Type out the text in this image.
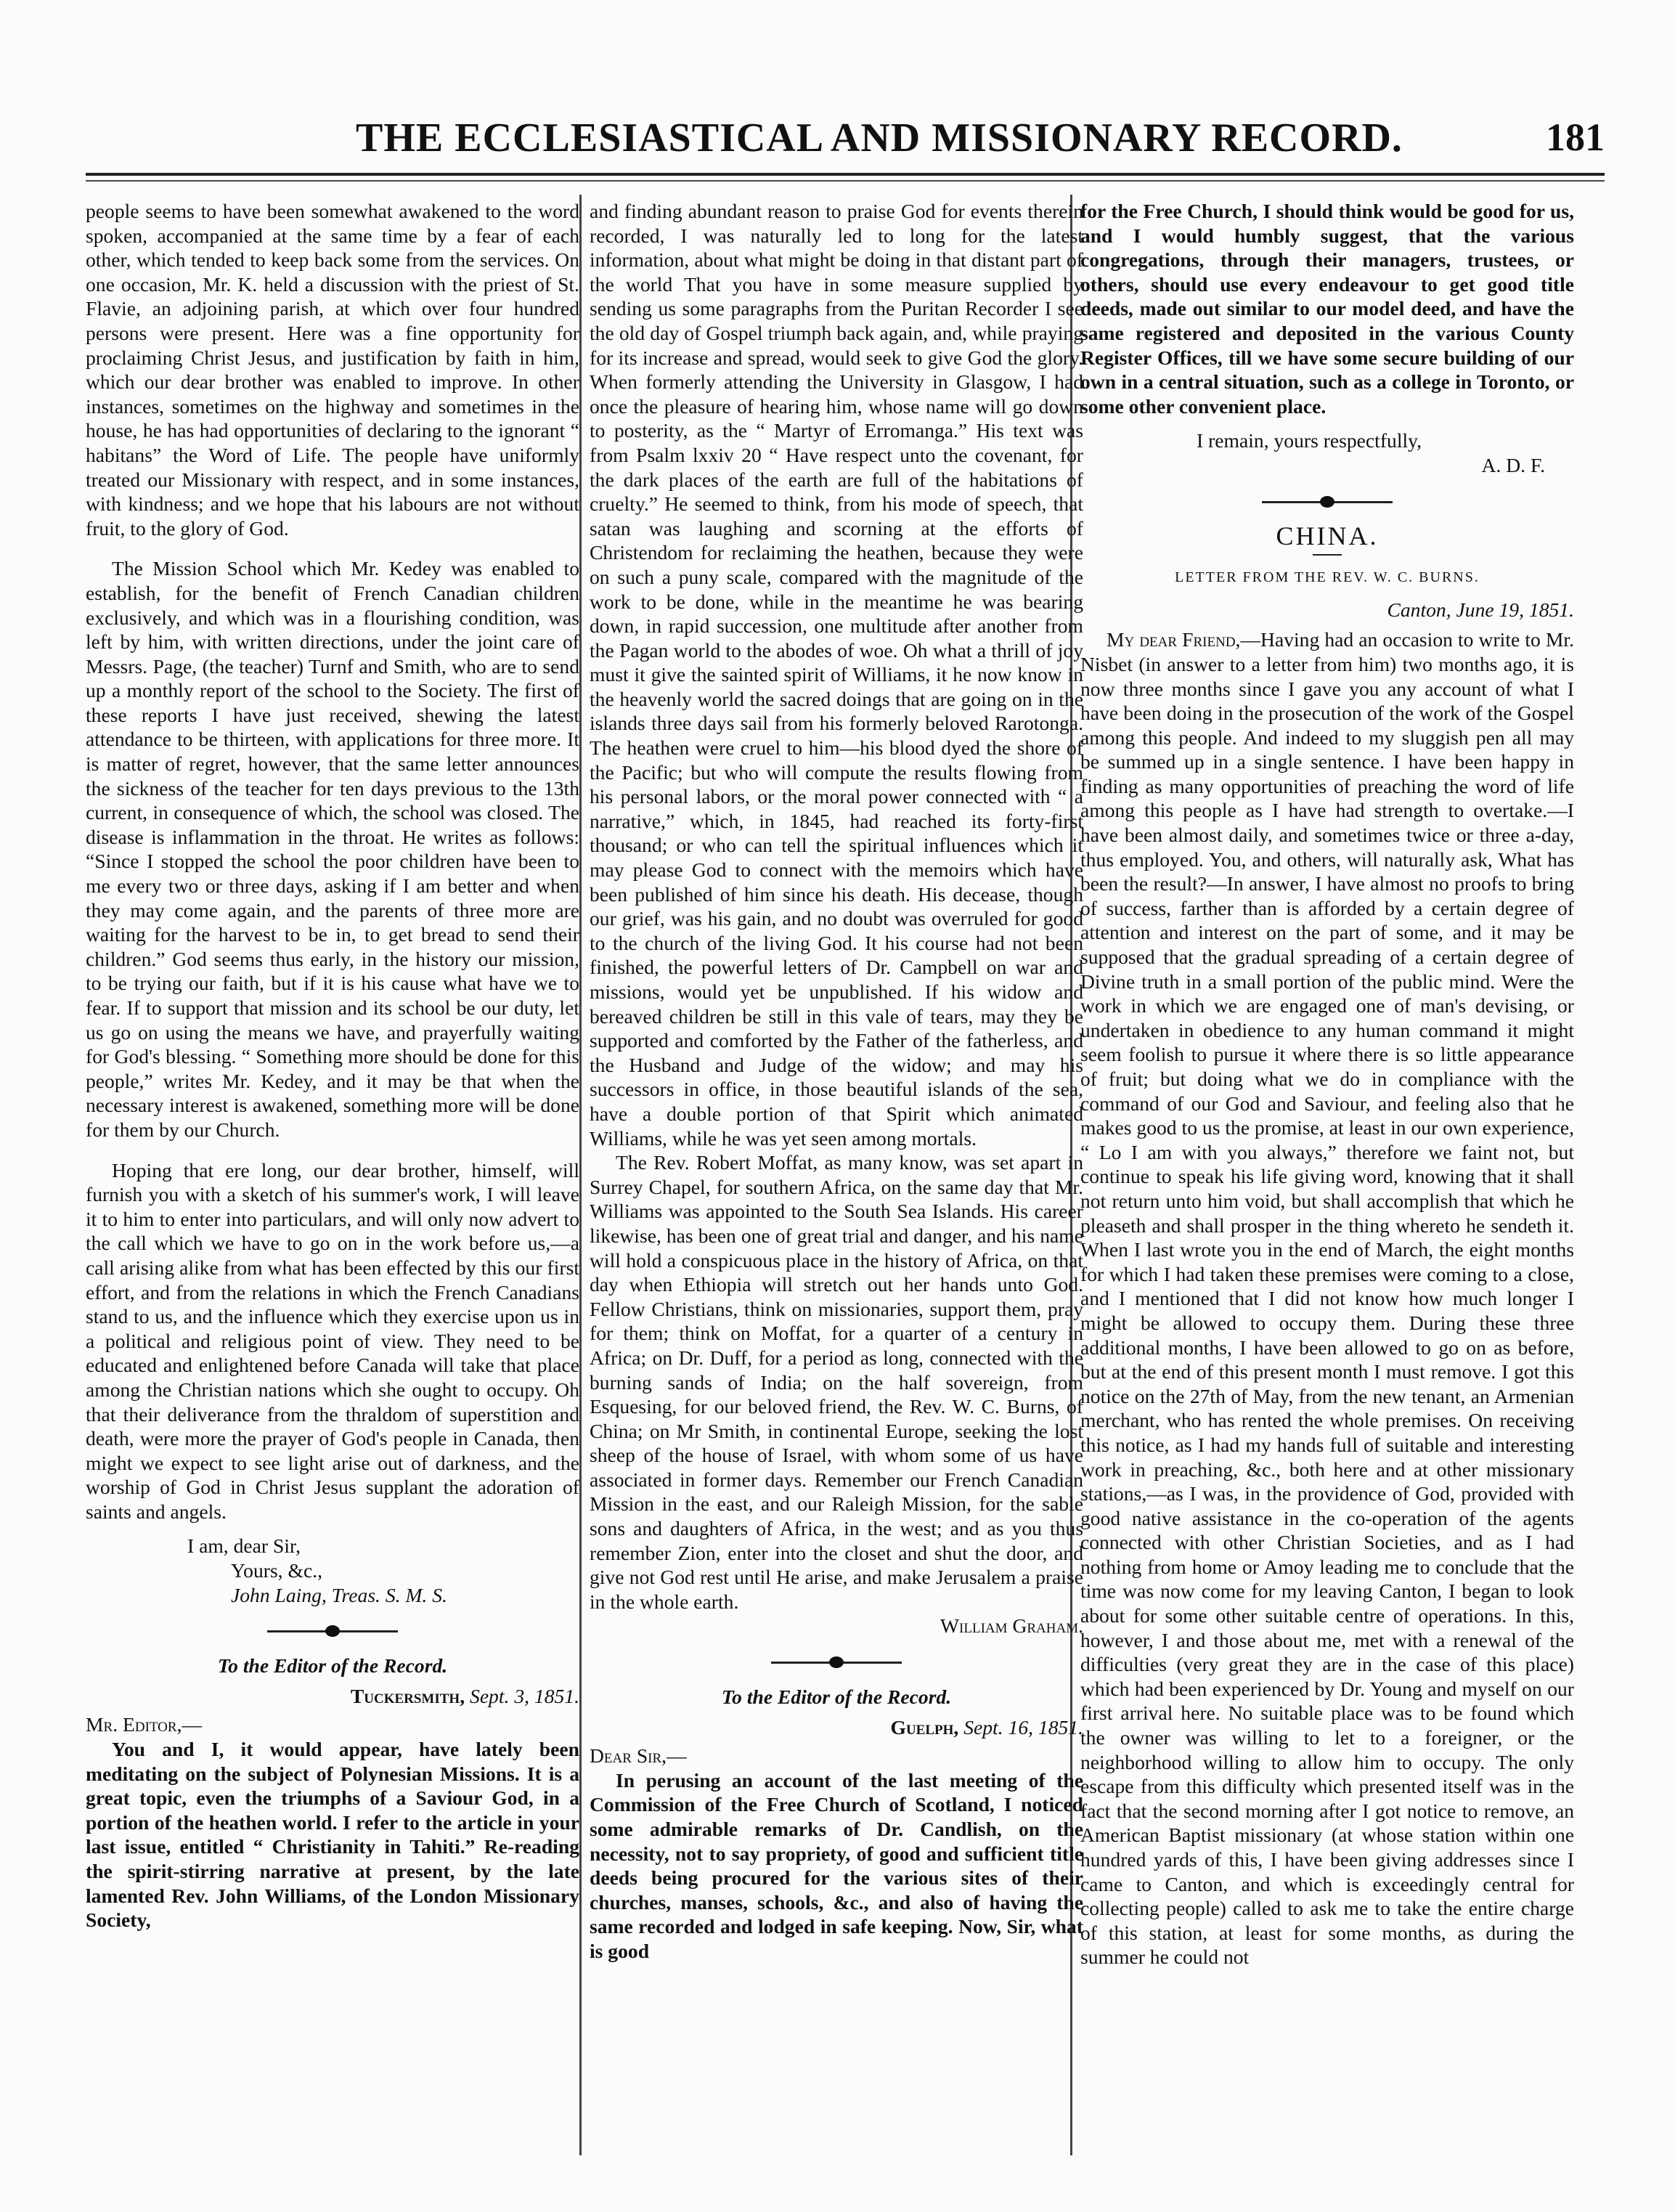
THE ECCLESIASTICAL AND MISSIONARY RECORD.	181

people seems to have been somewhat awakened to the word spoken, accompanied at the same time by a fear of each other, which tended to keep back some from the services. On one occasion, Mr. K. held a discussion with the priest of St. Flavie, an adjoining parish, at which over four hundred persons were present. Here was a fine opportunity for proclaiming Christ Jesus, and justification by faith in him, which our dear brother was enabled to improve. In other instances, sometimes on the highway and sometimes in the house, he has had opportunities of declaring to the ignorant “ habitans” the Word of Life. The people have uniformly treated our Missionary with respect, and in some instances, with kindness; and we hope that his labours are not without fruit, to the glory of God.

The Mission School which Mr. Kedey was enabled to establish, for the benefit of French Canadian children exclusively, and which was in a flourishing condition, was left by him, with written directions, under the joint care of Messrs. Page, (the teacher) Turnf and Smith, who are to send up a monthly report of the school to the Society. The first of these reports I have just received, shewing the latest attendance to be thirteen, with applications for three more. It is matter of regret, however, that the same letter announces the sickness of the teacher for ten days previous to the 13th current, in consequence of which, the school was closed. The disease is inflammation in the throat. He writes as follows: “Since I stopped the school the poor children have been to me every two or three days, asking if I am better and when they may come again, and the parents of three more are waiting for the harvest to be in, to get bread to send their children.” God seems thus early, in the history our mission, to be trying our faith, but if it is his cause what have we to fear. If to support that mission and its school be our duty, let us go on using the means we have, and prayerfully waiting for God's blessing. “ Something more should be done for this people,” writes Mr. Kedey, and it may be that when the necessary interest is awakened, something more will be done for them by our Church.

Hoping that ere long, our dear brother, himself, will furnish you with a sketch of his summer's work, I will leave it to him to enter into particulars, and will only now advert to the call which we have to go on in the work before us,—a call arising alike from what has been effected by this our first effort, and from the relations in which the French Canadians stand to us, and the influence which they exercise upon us in a political and religious point of view. They need to be educated and enlightened before Canada will take that place among the Christian nations which she ought to occupy. Oh that their deliverance from the thraldom of superstition and death, were more the prayer of God's people in Canada, then might we expect to see light arise out of darkness, and the worship of God in Christ Jesus supplant the adoration of saints and angels.

I am, dear Sir,
Yours, &c.,
John Laing, Treas. S. M. S.
To the Editor of the Record.
Tuckersmith, Sept. 3, 1851.

Mr. Editor,—

You and I, it would appear, have lately been meditating on the subject of Polynesian Missions. It is a great topic, even the triumphs of a Saviour God, in a portion of the heathen world. I refer to the article in your last issue, entitled “ Christianity in Tahiti.” Re-reading the spirit-stirring narrative at present, by the late lamented Rev. John Williams, of the London Missionary Society,

and finding abundant reason to praise God for events therein recorded, I was naturally led to long for the latest information, about what might be doing in that distant part of the world That you have in some measure supplied by sending us some paragraphs from the Puritan Recorder I see the old day of Gospel triumph back again, and, while praying for its increase and spread, would seek to give God the glory. When formerly attending the University in Glasgow, I had once the pleasure of hearing him, whose name will go down to posterity, as the “ Martyr of Erromanga.” His text was from Psalm lxxiv 20 “ Have respect unto the covenant, for the dark places of the earth are full of the habitations of cruelty.” He seemed to think, from his mode of speech, that satan was laughing and scorning at the efforts of Christendom for reclaiming the heathen, because they were on such a puny scale, compared with the magnitude of the work to be done, while in the meantime he was bearing down, in rapid succession, one multitude after another from the Pagan world to the abodes of woe. Oh what a thrill of joy must it give the sainted spirit of Williams, it he now know in the heavenly world the sacred doings that are going on in the islands three days sail from his formerly beloved Rarotonga. The heathen were cruel to him—his blood dyed the shore of the Pacific; but who will compute the results flowing from his personal labors, or the moral power connected with “ a narrative,” which, in 1845, had reached its forty-first thousand; or who can tell the spiritual influences which it may please God to connect with the memoirs which have been published of him since his death. His decease, though our grief, was his gain, and no doubt was overruled for good to the church of the living God. It his course had not been finished, the powerful letters of Dr. Campbell on war and missions, would yet be unpublished. If his widow and bereaved children be still in this vale of tears, may they be supported and comforted by the Father of the fatherless, and the Husband and Judge of the widow; and may his successors in office, in those beautiful islands of the sea, have a double portion of that Spirit which animated Williams, while he was yet seen among mortals.

The Rev. Robert Moffat, as many know, was set apart in Surrey Chapel, for southern Africa, on the same day that Mr. Williams was appointed to the South Sea Islands. His career likewise, has been one of great trial and danger, and his name will hold a conspicuous place in the history of Africa, on that day when Ethiopia will stretch out her hands unto God. Fellow Christians, think on missionaries, support them, pray for them; think on Moffat, for a quarter of a century in Africa; on Dr. Duff, for a period as long, connected with the burning sands of India; on the half sovereign, from Esquesing, for our beloved friend, the Rev. W. C. Burns, of China; on Mr Smith, in continental Europe, seeking the lost sheep of the house of Israel, with whom some of us have associated in former days. Remember our French Canadian Mission in the east, and our Raleigh Mission, for the sable sons and daughters of Africa, in the west; and as you thus remember Zion, enter into the closet and shut the door, and give not God rest until He arise, and make Jerusalem a praise in the whole earth.

William Graham.
To the Editor of the Record.
Guelph, Sept. 16, 1851.

Dear Sir,—

In perusing an account of the last meeting of the Commission of the Free Church of Scotland, I noticed some admirable remarks of Dr. Candlish, on the necessity, not to say propriety, of good and sufficient title deeds being procured for the various sites of their churches, manses, schools, &c., and also of having the same recorded and lodged in safe keeping. Now, Sir, what is good

for the Free Church, I should think would be good for us, and I would humbly suggest, that the various congregations, through their managers, trustees, or others, should use every endeavour to get good title deeds, made out similar to our model deed, and have the same registered and deposited in the various County Register Offices, till we have some secure building of our own in a central situation, such as a college in Toronto, or some other convenient place.

I remain, yours respectfully,
A. D. F.
CHINA.
LETTER FROM THE REV. W. C. BURNS.
Canton, June 19, 1851.

My dear Friend,—Having had an occasion to write to Mr. Nisbet (in answer to a letter from him) two months ago, it is now three months since I gave you any account of what I have been doing in the prosecution of the work of the Gospel among this people. And indeed to my sluggish pen all may be summed up in a single sentence. I have been happy in finding as many opportunities of preaching the word of life among this people as I have had strength to overtake.—I have been almost daily, and sometimes twice or three a-day, thus employed. You, and others, will naturally ask, What has been the result?—In answer, I have almost no proofs to bring of success, farther than is afforded by a certain degree of attention and interest on the part of some, and it may be supposed that the gradual spreading of a certain degree of Divine truth in a small portion of the public mind. Were the work in which we are engaged one of man's devising, or undertaken in obedience to any human command it might seem foolish to pursue it where there is so little appearance of fruit; but doing what we do in compliance with the command of our God and Saviour, and feeling also that he makes good to us the promise, at least in our own experience, “ Lo I am with you always,” therefore we faint not, but continue to speak his life giving word, knowing that it shall not return unto him void, but shall accomplish that which he pleaseth and shall prosper in the thing whereto he sendeth it. When I last wrote you in the end of March, the eight months for which I had taken these premises were coming to a close, and I mentioned that I did not know how much longer I might be allowed to occupy them. During these three additional months, I have been allowed to go on as before, but at the end of this present month I must remove. I got this notice on the 27th of May, from the new tenant, an Armenian merchant, who has rented the whole premises. On receiving this notice, as I had my hands full of suitable and interesting work in preaching, &c., both here and at other missionary stations,—as I was, in the providence of God, provided with good native assistance in the co-operation of the agents connected with other Christian Societies, and as I had nothing from home or Amoy leading me to conclude that the time was now come for my leaving Canton, I began to look about for some other suitable centre of operations. In this, however, I and those about me, met with a renewal of the difficulties (very great they are in the case of this place) which had been experienced by Dr. Young and myself on our first arrival here. No suitable place was to be found which the owner was willing to let to a foreigner, or the neighborhood willing to allow him to occupy. The only escape from this difficulty which presented itself was in the fact that the second morning after I got notice to remove, an American Baptist missionary (at whose station within one hundred yards of this, I have been giving addresses since I came to Canton, and which is exceedingly central for collecting people) called to ask me to take the entire charge of this station, at least for some months, as during the summer he could not
